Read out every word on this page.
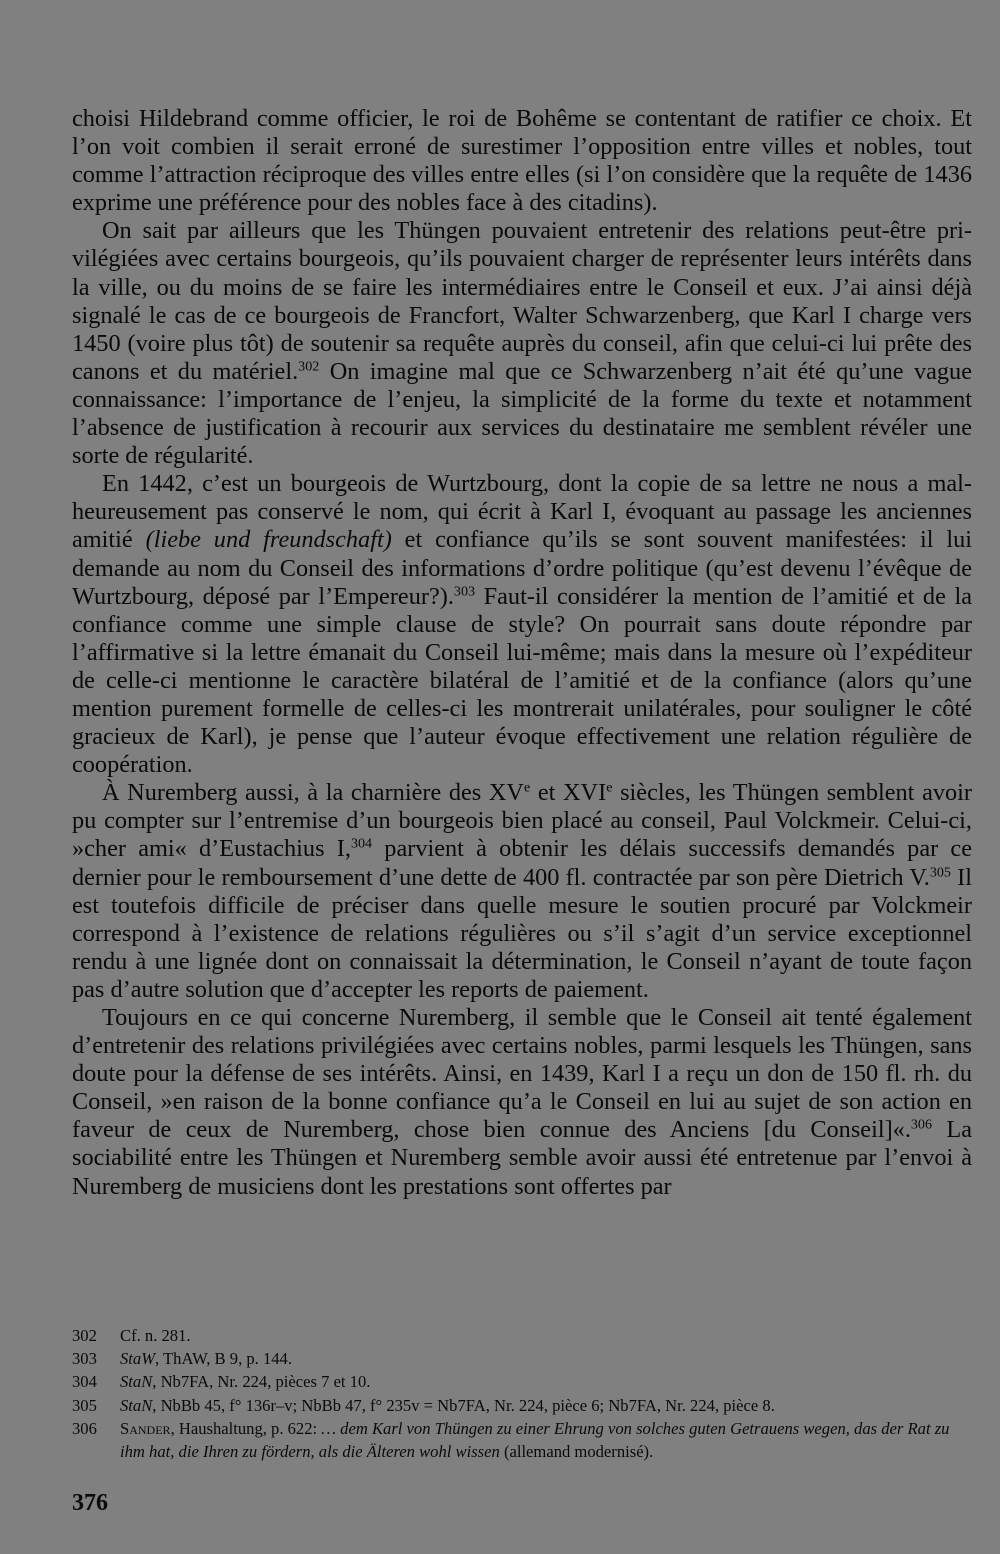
choisi Hildebrand comme officier, le roi de Bohême se contentant de ratifier ce choix. Et l’on voit combien il serait erroné de surestimer l’opposition entre villes et nobles, tout comme l’attraction réciproque des villes entre elles (si l’on considère que la requête de 1436 exprime une préférence pour des nobles face à des citadins).

On sait par ailleurs que les Thüngen pouvaient entretenir des relations peut-être privilégiées avec certains bourgeois, qu’ils pouvaient charger de représenter leurs intérêts dans la ville, ou du moins de se faire les intermédiaires entre le Conseil et eux. J’ai ainsi déjà signalé le cas de ce bourgeois de Francfort, Walter Schwarzenberg, que Karl I charge vers 1450 (voire plus tôt) de soutenir sa requête auprès du conseil, afin que celui-ci lui prête des canons et du matériel.$^{302}$ On imagine mal que ce Schwarzenberg n’ait été qu’une vague connaissance: l’importance de l’enjeu, la simplicité de la forme du texte et notamment l’absence de justification à recourir aux services du destinataire me semblent révéler une sorte de régularité.

En 1442, c’est un bourgeois de Wurtzbourg, dont la copie de sa lettre ne nous a malheureusement pas conservé le nom, qui écrit à Karl I, évoquant au passage les anciennes amitié (liebe und freundschaft) et confiance qu’ils se sont souvent manifestées: il lui demande au nom du Conseil des informations d’ordre politique (qu’est devenu l’évêque de Wurtzbourg, déposé par l’Empereur?).$^{303}$ Faut-il considérer la mention de l’amitié et de la confiance comme une simple clause de style? On pourrait sans doute répondre par l’affirmative si la lettre émanait du Conseil lui-même; mais dans la mesure où l’expéditeur de celle-ci mentionne le caractère bilatéral de l’amitié et de la confiance (alors qu’une mention purement formelle de celles-ci les montrerait unilatérales, pour souligner le côté gracieux de Karl), je pense que l’auteur évoque effectivement une relation régulière de coopération.

À Nuremberg aussi, à la charnière des XVe et XVIe siècles, les Thüngen semblent avoir pu compter sur l’entremise d’un bourgeois bien placé au conseil, Paul Volckmeir. Celui-ci, »cher ami« d’Eustachius I,$^{304}$ parvient à obtenir les délais successifs demandés par ce dernier pour le remboursement d’une dette de 400 fl. contractée par son père Dietrich V.$^{305}$ Il est toutefois difficile de préciser dans quelle mesure le soutien procuré par Volckmeir correspond à l’existence de relations régulières ou s’il s’agit d’un service exceptionnel rendu à une lignée dont on connaissait la détermination, le Conseil n’ayant de toute façon pas d’autre solution que d’accepter les reports de paiement.

Toujours en ce qui concerne Nuremberg, il semble que le Conseil ait tenté également d’entretenir des relations privilégiées avec certains nobles, parmi lesquels les Thüngen, sans doute pour la défense de ses intérêts. Ainsi, en 1439, Karl I a reçu un don de 150 fl. rh. du Conseil, »en raison de la bonne confiance qu’a le Conseil en lui au sujet de son action en faveur de ceux de Nuremberg, chose bien connue des Anciens [du Conseil]«.$^{306}$ La sociabilité entre les Thüngen et Nuremberg semble avoir aussi été entretenue par l’envoi à Nuremberg de musiciens dont les prestations sont offertes par

302 Cf. n. 281.

303 StaW, ThAW, B 9, p. 144.

304 StaN, Nb7FA, Nr. 224, pièces 7 et 10.

305 StaN, NbBb 45, f° 136r–v; NbBb 47, f° 235v = Nb7FA, Nr. 224, pièce 6; Nb7FA, Nr. 224, pièce 8.

306 Sander, Haushaltung, p. 622: … dem Karl von Thüngen zu einer Ehrung von solches guten Getrauens wegen, das der Rat zu ihm hat, die Ihren zu fördern, als die Älteren wohl wissen (allemand modernisé).

376
